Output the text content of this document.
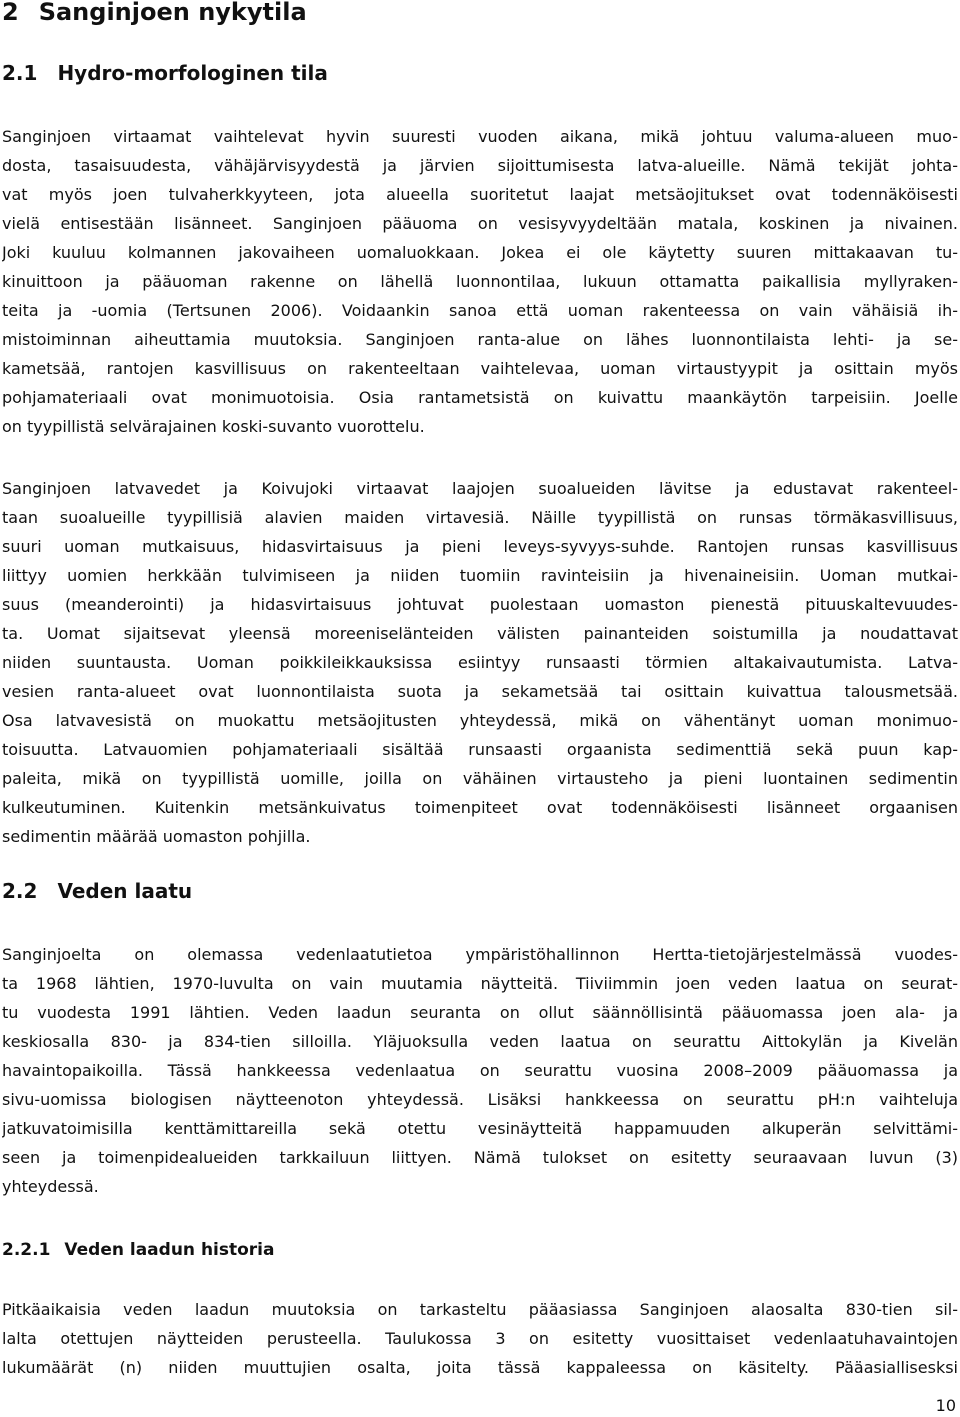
2 Sanginjoen nykytila
2.1 Hydro-morfologinen tila
Sanginjoen virtaamat vaihtelevat hyvin suuresti vuoden aikana, mikä johtuu valuma-alueen muo-
dosta, tasaisuudesta, vähäjärvisyydestä ja järvien sijoittumisesta latva-alueille. Nämä tekijät johta-
vat myös joen tulvaherkkyyteen, jota alueella suoritetut laajat metsäojitukset ovat todennäköisesti
vielä entisestään lisänneet. Sanginjoen pääuoma on vesisyvyydeltään matala, koskinen ja nivainen.
Joki kuuluu kolmannen jakovaiheen uomaluokkaan. Jokea ei ole käytetty suuren mittakaavan tu-
kinuittoon ja pääuoman rakenne on lähellä luonnontilaa, lukuun ottamatta paikallisia myllyraken-
teita ja -uomia (Tertsunen 2006). Voidaankin sanoa että uoman rakenteessa on vain vähäisiä ih-
mistoiminnan aiheuttamia muutoksia. Sanginjoen ranta-alue on lähes luonnontilaista lehti- ja se-
kametsää, rantojen kasvillisuus on rakenteeltaan vaihtelevaa, uoman virtaustyypit ja osittain myös
pohjamateriaali ovat monimuotoisia. Osia rantametsistä on kuivattu maankäytön tarpeisiin. Joelle
on tyypillistä selvärajainen koski-suvanto vuorottelu.
Sanginjoen latvavedet ja Koivujoki virtaavat laajojen suoalueiden lävitse ja edustavat rakenteel-
taan suoalueille tyypillisiä alavien maiden virtavesiä. Näille tyypillistä on runsas törmäkasvillisuus,
suuri uoman mutkaisuus, hidasvirtaisuus ja pieni leveys-syvyys-suhde. Rantojen runsas kasvillisuus
liittyy uomien herkkään tulvimiseen ja niiden tuomiin ravinteisiin ja hivenaineisiin. Uoman mutkai-
suus (meanderointi) ja hidasvirtaisuus johtuvat puolestaan uomaston pienestä pituuskaltevuudes-
ta. Uomat sijaitsevat yleensä moreeniselänteiden välisten painanteiden soistumilla ja noudattavat
niiden suuntausta. Uoman poikkileikkauksissa esiintyy runsaasti törmien altakaivautumista. Latva-
vesien ranta-alueet ovat luonnontilaista suota ja sekametsää tai osittain kuivattua talousmetsää.
Osa latvavesistä on muokattu metsäojitusten yhteydessä, mikä on vähentänyt uoman monimuo-
toisuutta. Latvauomien pohjamateriaali sisältää runsaasti orgaanista sedimenttiä sekä puun kap-
paleita, mikä on tyypillistä uomille, joilla on vähäinen virtausteho ja pieni luontainen sedimentin
kulkeutuminen. Kuitenkin metsänkuivatus toimenpiteet ovat todennäköisesti lisänneet orgaanisen
sedimentin määrää uomaston pohjilla.
2.2 Veden laatu
Sanginjoelta on olemassa vedenlaatutietoa ympäristöhallinnon Hertta-tietojärjestelmässä vuodes-
ta 1968 lähtien, 1970-luvulta on vain muutamia näytteitä. Tiiviimmin joen veden laatua on seurat-
tu vuodesta 1991 lähtien. Veden laadun seuranta on ollut säännöllisintä pääuomassa joen ala- ja
keskiosalla 830- ja 834-tien silloilla. Yläjuoksulla veden laatua on seurattu Aittokylän ja Kivelän
havaintopaikoilla. Tässä hankkeessa vedenlaatua on seurattu vuosina 2008–2009 pääuomassa ja
sivu-uomissa biologisen näytteenoton yhteydessä. Lisäksi hankkeessa on seurattu pH:n vaihteluja
jatkuvatoimisilla kenttämittareilla sekä otettu vesinäytteitä happamuuden alkuperän selvittämi-
seen ja toimenpidealueiden tarkkailuun liittyen. Nämä tulokset on esitetty seuraavaan luvun (3)
yhteydessä.
2.2.1 Veden laadun historia
Pitkäaikaisia veden laadun muutoksia on tarkasteltu pääasiassa Sanginjoen alaosalta 830-tien sil-
lalta otettujen näytteiden perusteella. Taulukossa 3 on esitetty vuosittaiset vedenlaatuhavaintojen
lukumäärät (n) niiden muuttujien osalta, joita tässä kappaleessa on käsitelty. Pääasiallisesksi
10
